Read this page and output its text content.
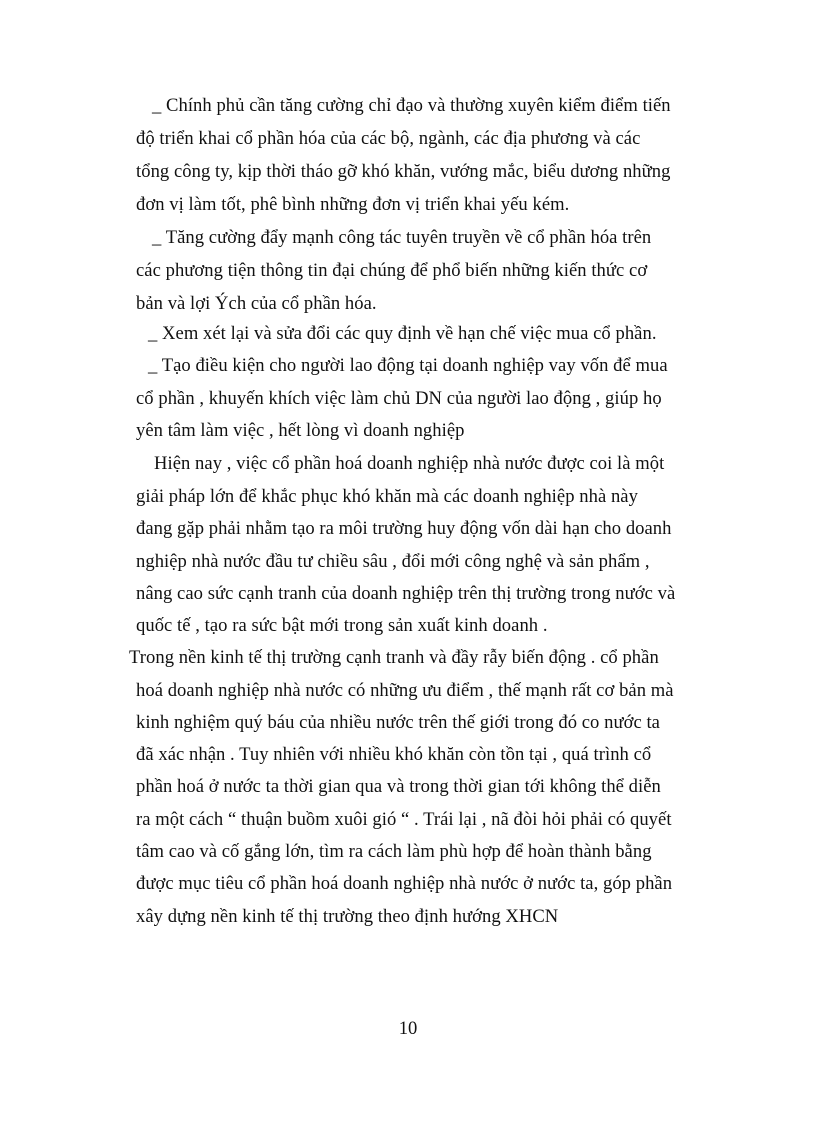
_ Chính phủ cần tăng cường chỉ đạo và thường xuyên kiểm điểm tiến
độ triển khai cổ phần hóa của các bộ, ngành, các địa phương và các
tổng công ty, kịp thời tháo gỡ khó khăn, vướng mắc, biểu dương những
đơn vị làm tốt, phê bình những đơn vị triển khai yếu kém.
_ Tăng cường đẩy mạnh công tác tuyên truyền về cổ phần hóa trên
các phương tiện thông tin đại chúng để phổ biến những kiến thức cơ
bản và lợi Ých của cổ phần hóa.
_ Xem xét lại và sửa đổi các quy định về hạn chế việc mua cổ phần.
_ Tạo điều kiện cho người lao động tại doanh nghiệp vay vốn để mua
cổ phần , khuyến khích việc làm chủ DN của người lao động , giúp họ
yên tâm làm việc , hết lòng vì doanh nghiệp
Hiện nay , việc cổ phần hoá doanh nghiệp nhà nước được coi là một
giải pháp lớn để khắc phục khó khăn mà các doanh nghiệp nhà này
đang gặp phải nhằm tạo ra môi trường huy động vốn dài hạn cho doanh
nghiệp nhà nước đầu tư chiều sâu , đổi mới công nghệ và sản phẩm ,
nâng cao sức cạnh tranh của doanh nghiệp trên thị trường trong nước và
quốc tế , tạo ra sức bật mới trong sản xuất kinh doanh .
Trong nền kinh tế thị trường cạnh tranh và đầy rẫy biến động . cổ phần
hoá doanh nghiệp nhà nước có những ưu điểm , thế mạnh rất cơ bản mà
kinh nghiệm quý báu của nhiều nước trên thế giới trong đó co nước ta
đã xác nhận . Tuy nhiên với nhiều khó khăn còn tồn tại , quá trình cổ
phần hoá ở nước ta thời gian qua và trong thời gian tới không thể diễn
ra một cách “ thuận buồm xuôi gió “ . Trái lại , nã đòi hỏi phải có quyết
tâm cao và cố gắng lớn, tìm ra cách làm phù hợp để hoàn thành bằng
được mục tiêu cổ phần hoá doanh nghiệp nhà nước ở nước ta, góp phần
xây dựng nền kinh tế thị trường theo định hướng XHCN
10
